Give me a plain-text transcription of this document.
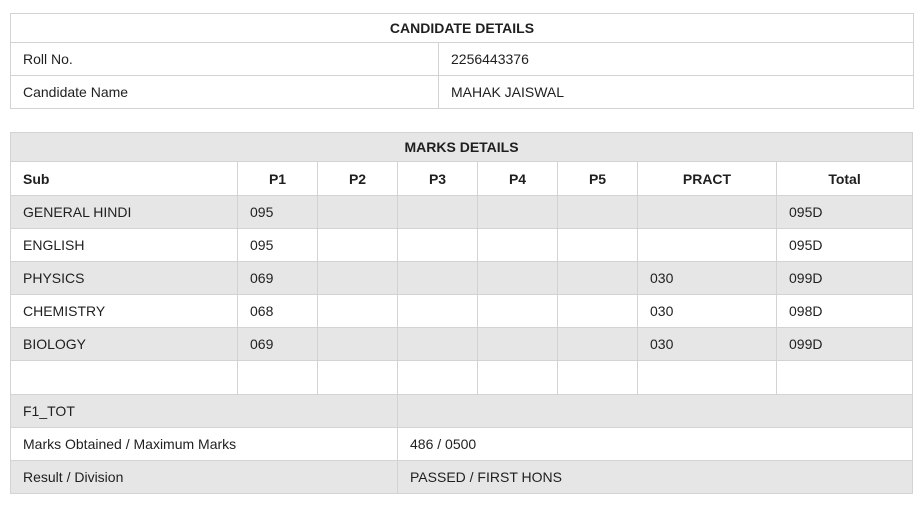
CANDIDATE DETAILS	
Roll No.	2256443376
Candidate Name	MAHAK JAISWAL
MARKS DETAILS							
Sub	P1	P2	P3	P4	P5	PRACT	Total
GENERAL HINDI	095						095D
ENGLISH	095						095D
PHYSICS	069					030	099D
CHEMISTRY	068					030	098D
BIOLOGY	069					030	099D

F1_TOT							
Marks Obtained / Maximum Marks			486 / 0500				
Result / Division			PASSED / FIRST HONS				
